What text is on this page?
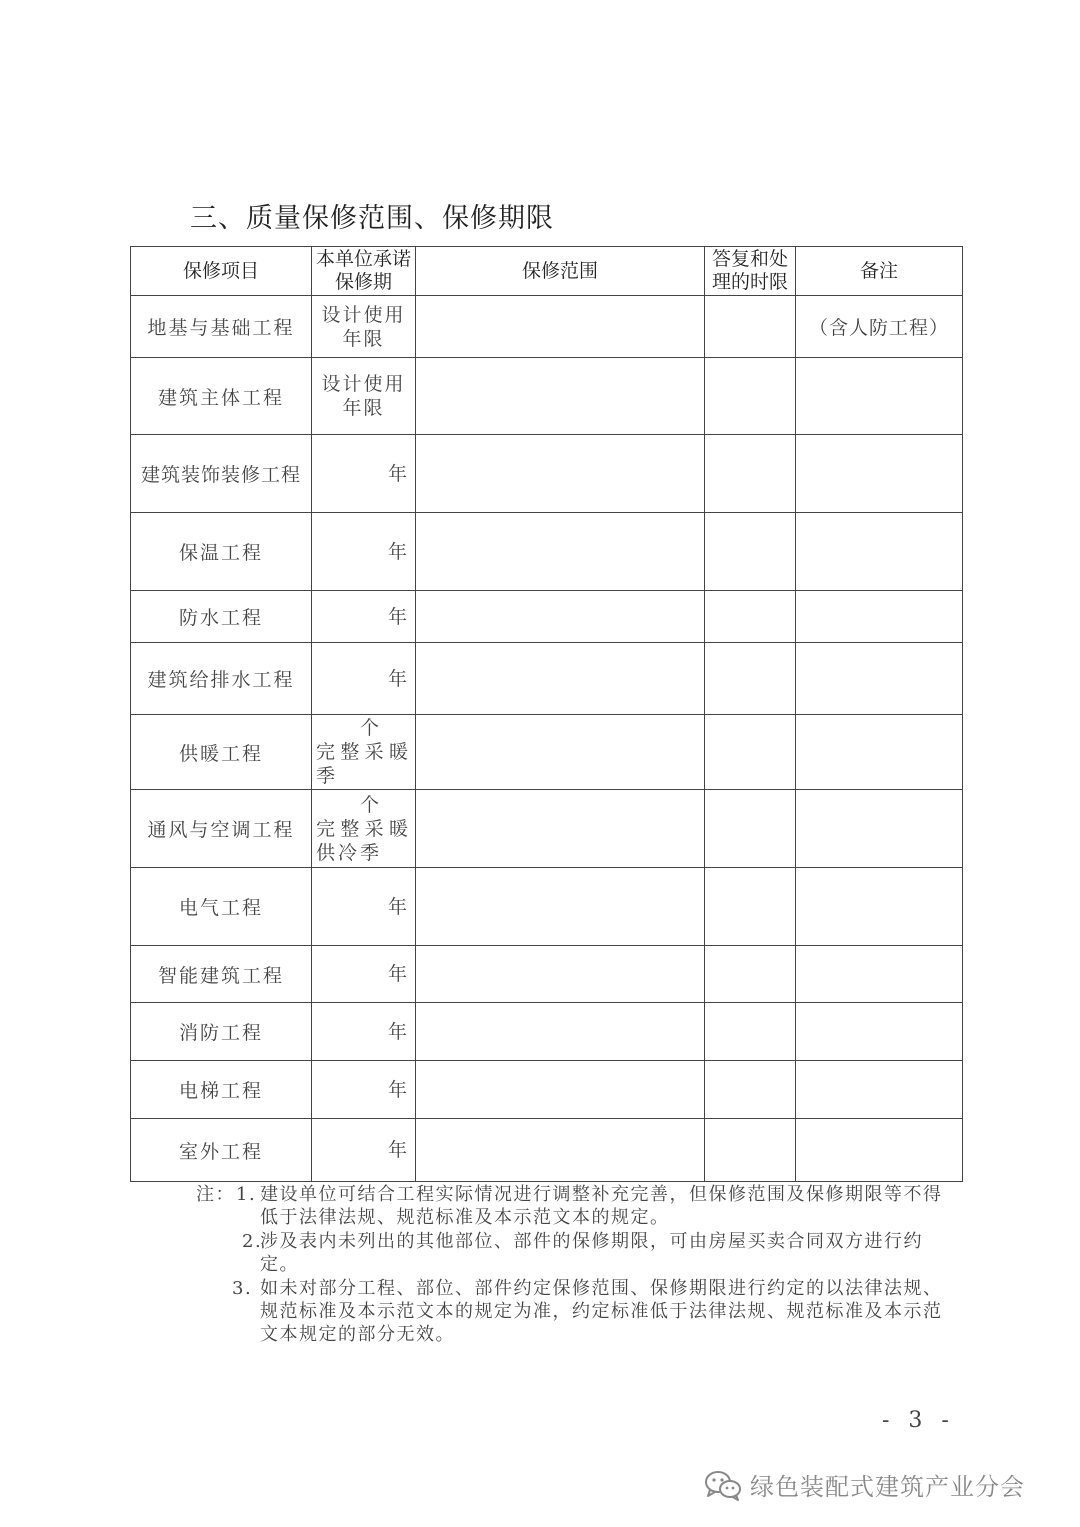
三、质量保修范围、保修期限
保修项目	本单位承诺保修期	保修范围	答复和处理的时限	备注
地基与基础工程	设计使用年限			（含人防工程）
建筑主体工程	设计使用年限			
建筑装饰装修工程	年			
保温工程	年			
防水工程	年			
建筑给排水工程	年			
供暖工程	个　完整采暖季			
通风与空调工程	个　完整采暖供冷季			
电气工程	年			
智能建筑工程	年			
消防工程	年			
电梯工程	年			
室外工程	年			

注： 1. 建设单位可结合工程实际情况进行调整补充完善，但保修范围及保修期限等不得低于法律法规、规范标准及本示范文本的规定。

2.
涉及表内未列出的其他部位、部件的保修期限，可由房屋买卖合同双方进行约定。

3. 如未对部分工程、部位、部件约定保修范围、保修期限进行约定的以法律法规、规范标准及本示范文本的规定为准，约定标准低于法律法规、规范标准及本示范文本规定的部分无效。

- 3 -
绿色装配式建筑产业分会
